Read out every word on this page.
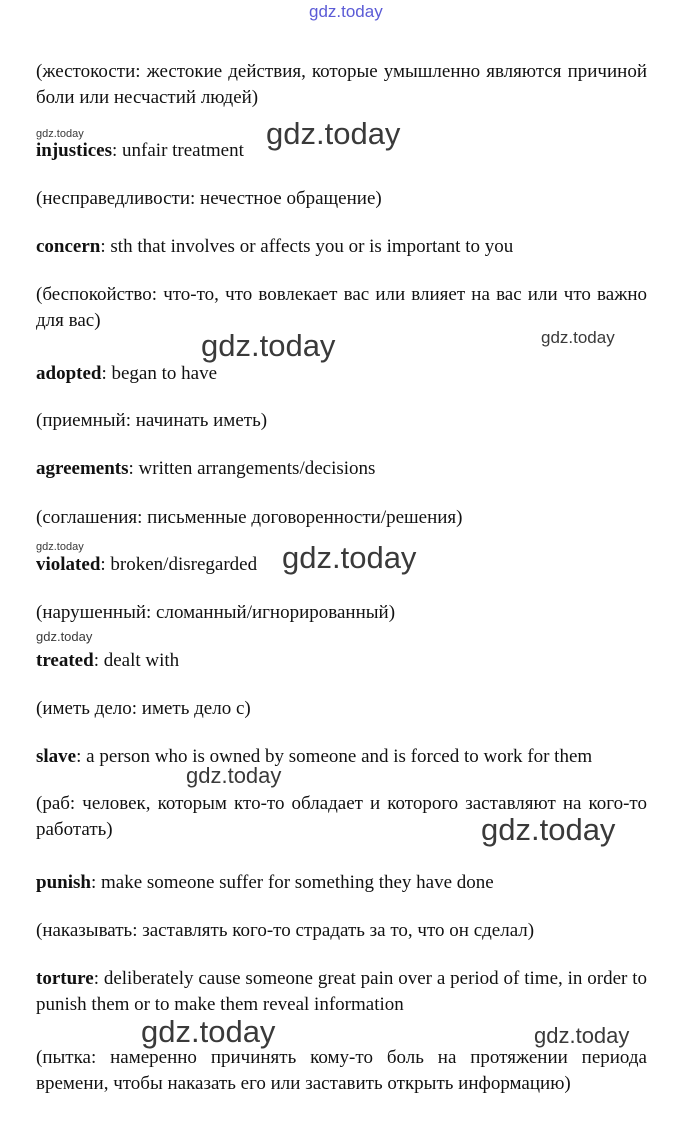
gdz.today
gdz.today	gdz.today
gdz.today
gdz.today
gdz.today	gdz.today
gdz.today
gdz.today
gdz.today
gdz.today	gdz.today

(жестокости: жестокие действия, которые умышленно являются причиной боли или несчастий людей)

injustices: unfair treatment

(несправедливости: нечестное обращение)

concern: sth that involves or affects you or is important to you

(беспокойство: что-то, что вовлекает вас или влияет на вас или что важно для вас)

adopted: began to have

(приемный: начинать иметь)

agreements: written arrangements/decisions

(соглашения: письменные договоренности/решения)

violated: broken/disregarded

(нарушенный: сломанный/игнорированный)

treated: dealt with

(иметь дело: иметь дело с)

slave: a person who is owned by someone and is forced to work for them

(раб: человек, которым кто-то обладает и которого заставляют на кого-то работать)

punish: make someone suffer for something they have done

(наказывать: заставлять кого-то страдать за то, что он сделал)

torture: deliberately cause someone great pain over a period of time, in order to punish them or to make them reveal information

(пытка: намеренно причинять кому-то боль на протяжении периода времени, чтобы наказать его или заставить открыть информацию)
